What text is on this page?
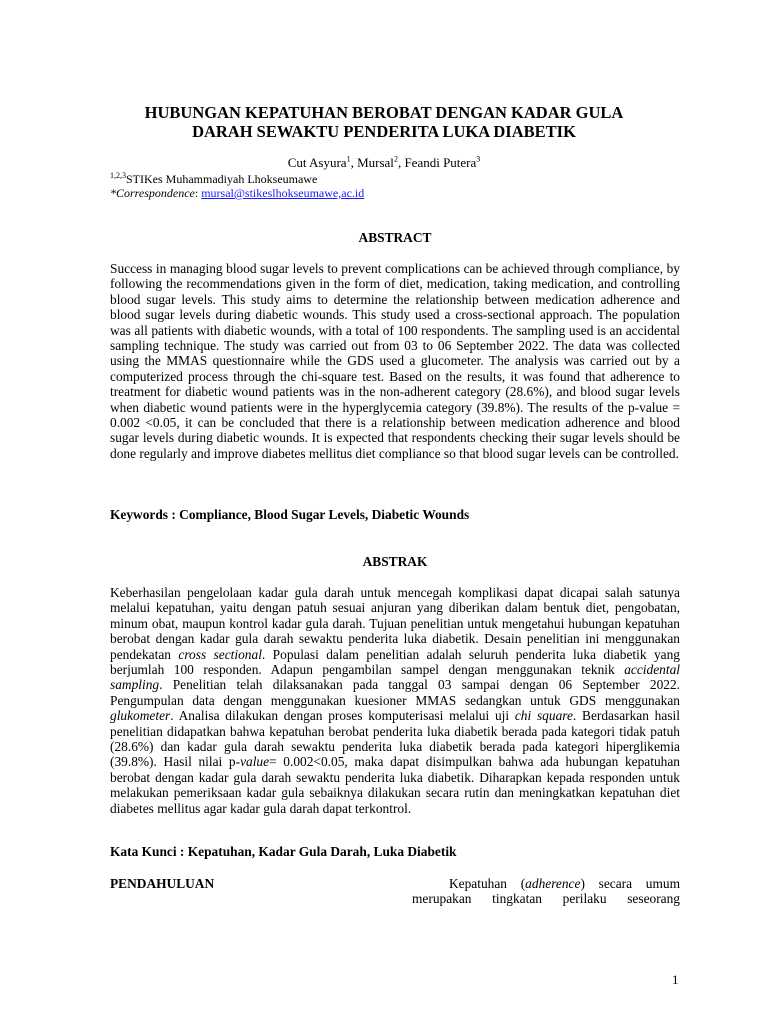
HUBUNGAN KEPATUHAN BEROBAT DENGAN KADAR GULA
DARAH SEWAKTU PENDERITA LUKA DIABETIK
Cut Asyura$^1$, Mursal$^2$, Feandi Putera$^3$
$^{1,2,3}$STIKes Muhammadiyah Lhokseumawe
*Correspondence: mursal@stikeslhokseumawe,ac.id
ABSTRACT

Success in managing blood sugar levels to prevent complications can be achieved through compliance, by following the recommendations given in the form of diet, medication, taking medication, and controlling blood sugar levels. This study aims to determine the relationship between medication adherence and blood sugar levels during diabetic wounds. This study used a cross-sectional approach. The population was all patients with diabetic wounds, with a total of 100 respondents. The sampling used is an accidental sampling technique. The study was carried out from 03 to 06 September 2022. The data was collected using the MMAS questionnaire while the GDS used a glucometer. The analysis was carried out by a computerized process through the chi-square test. Based on the results, it was found that adherence to treatment for diabetic wound patients was in the non-adherent category (28.6%), and blood sugar levels when diabetic wound patients were in the hyperglycemia category (39.8%). The results of the p-value = 0.002 <0.05, it can be concluded that there is a relationship between medication adherence and blood sugar levels during diabetic wounds. It is expected that respondents checking their sugar levels should be done regularly and improve diabetes mellitus diet compliance so that blood sugar levels can be controlled.

Keywords : Compliance, Blood Sugar Levels, Diabetic Wounds
ABSTRAK

Keberhasilan pengelolaan kadar gula darah untuk mencegah komplikasi dapat dicapai salah satunya melalui kepatuhan, yaitu dengan patuh sesuai anjuran yang diberikan dalam bentuk diet, pengobatan, minum obat, maupun kontrol kadar gula darah. Tujuan penelitian untuk mengetahui hubungan kepatuhan berobat dengan kadar gula darah sewaktu penderita luka diabetik. Desain penelitian ini menggunakan pendekatan cross sectional. Populasi dalam penelitian adalah seluruh penderita luka diabetik yang berjumlah 100 responden. Adapun pengambilan sampel dengan menggunakan teknik accidental sampling. Penelitian telah dilaksanakan pada tanggal 03 sampai dengan 06 September 2022. Pengumpulan data dengan menggunakan kuesioner MMAS sedangkan untuk GDS menggunakan glukometer. Analisa dilakukan dengan proses komputerisasi melalui uji chi square. Berdasarkan hasil penelitian didapatkan bahwa kepatuhan berobat penderita luka diabetik berada pada kategori tidak patuh (28.6%) dan kadar gula darah sewaktu penderita luka diabetik berada pada kategori hiperglikemia (39.8%). Hasil nilai p-value= 0.002<0.05, maka dapat disimpulkan bahwa ada hubungan kepatuhan berobat dengan kadar gula darah sewaktu penderita luka diabetik. Diharapkan kepada responden untuk melakukan pemeriksaan kadar gula sebaiknya dilakukan secara rutin dan meningkatkan kepatuhan diet diabetes mellitus agar kadar gula darah dapat terkontrol.

Kata Kunci : Kepatuhan, Kadar Gula Darah, Luka Diabetik
PENDAHULUAN	Kepatuhan (adherence) secara umum
merupakan tingkatan perilaku seseorang
1
